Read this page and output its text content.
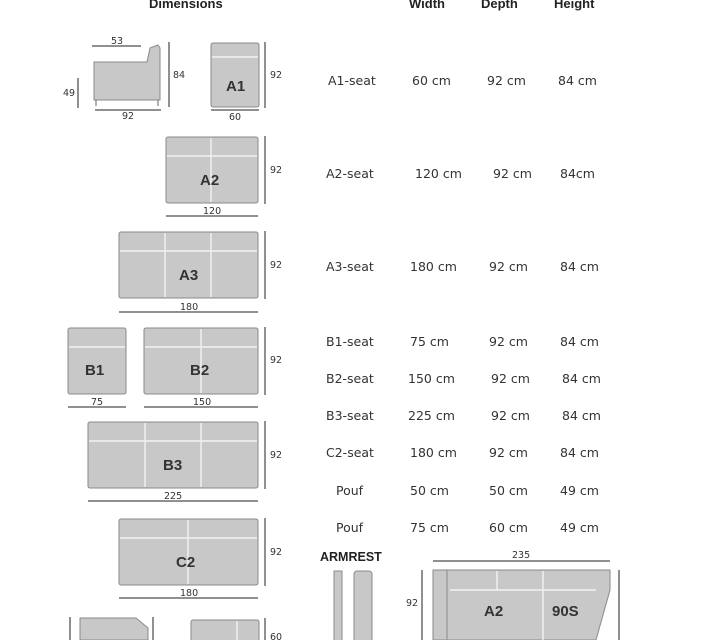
Dimensions	Width	Depth	Height
A1-seat	60 cm	92 cm	84 cm
A2-seat	120 cm 92 cm 84cm
A3-seat	180 cm	92 cm	84 cm
B1-seat	75 cm	92 cm	84 cm
B2-seat	150 cm	92 cm	84 cm
B3-seat	225 cm	92 cm	84 cm
C2-seat	180 cm	92 cm	84 cm
Pouf	50 cm	50 cm	49 cm
Pouf	75 cm	60 cm	49 cm
ARMREST
53
84
49
92
A1
92
60
A2
92
120
A3
92
180
B1
75
B2
92
150
B3
92
225
C2
92
180
60
235
92	A2	90S
